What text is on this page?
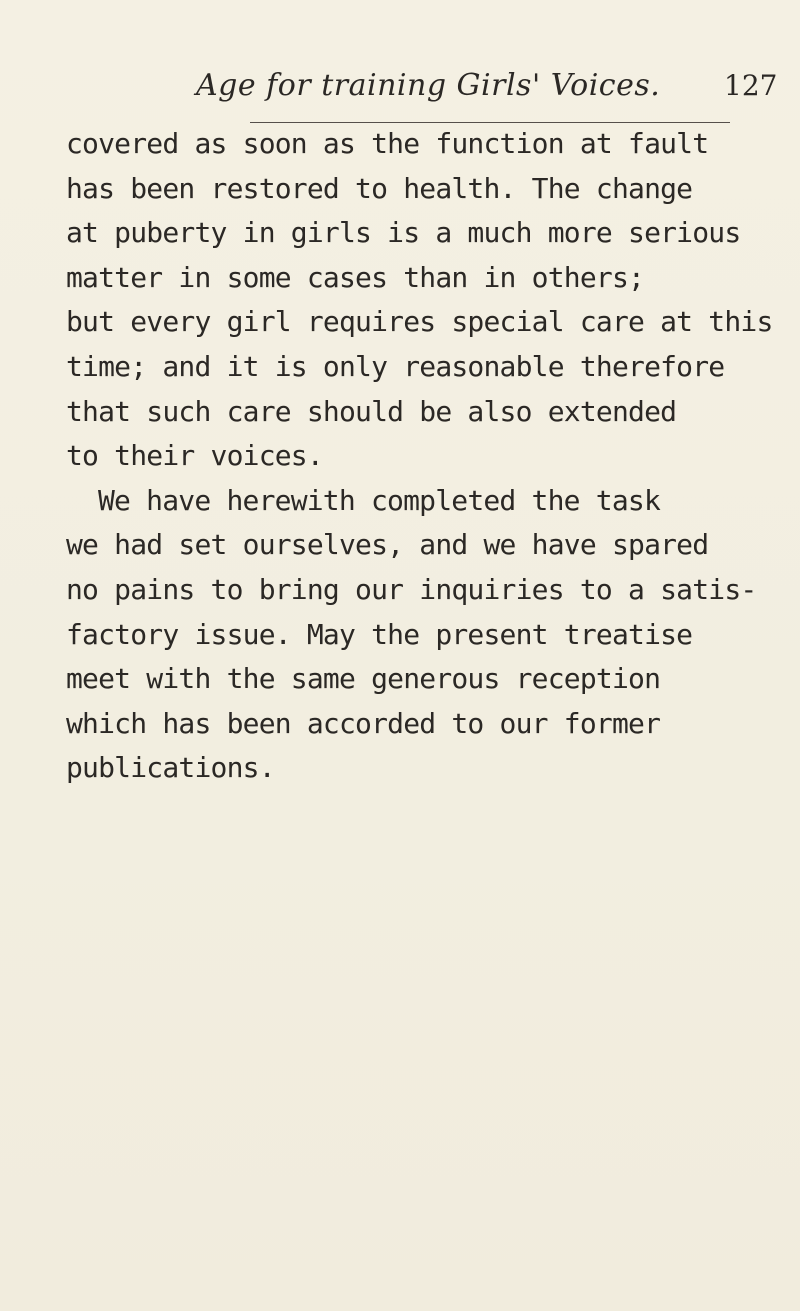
Age for training Girls' Voices. 127
covered as soon as the function at fault
has been restored to health. The change
at puberty in girls is a much more serious
matter in some cases than in others;
but every girl requires special care at this
time; and it is only reasonable therefore
that such care should be also extended
to their voices.
We have herewith completed the task
we had set ourselves, and we have spared
no pains to bring our inquiries to a satis-
factory issue. May the present treatise
meet with the same generous reception
which has been accorded to our former
publications.
